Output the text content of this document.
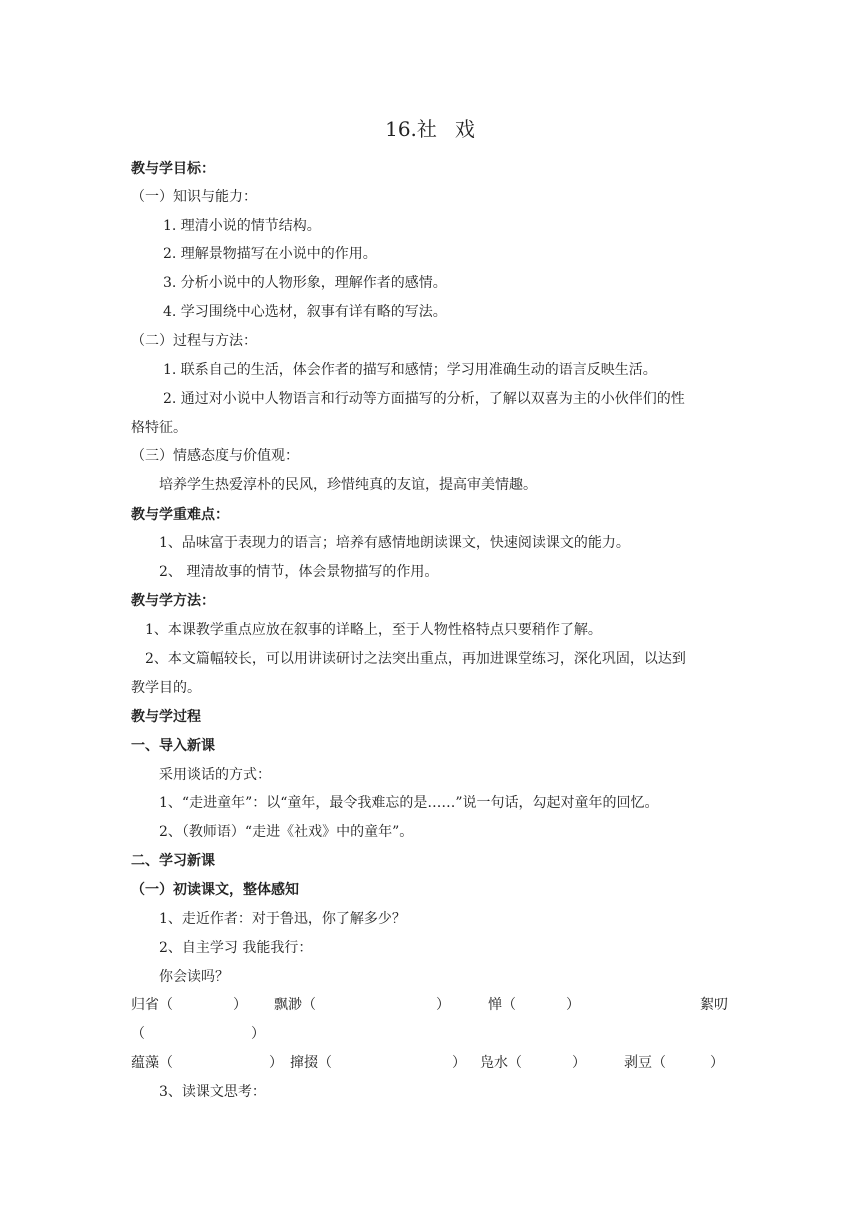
16.社 戏
教与学目标：
（一）知识与能力：
1. 理清小说的情节结构。
2. 理解景物描写在小说中的作用。
3. 分析小说中的人物形象，理解作者的感情。
4. 学习围绕中心选材，叙事有详有略的写法。
（二）过程与方法：
1. 联系自己的生活，体会作者的描写和感情；学习用准确生动的语言反映生活。
2. 通过对小说中人物语言和行动等方面描写的分析，了解以双喜为主的小伙伴们的性
格特征。
（三）情感态度与价值观：
培养学生热爱淳朴的民风，珍惜纯真的友谊，提高审美情趣。
教与学重难点：
1、品味富于表现力的语言；培养有感情地朗读课文，快速阅读课文的能力。
2、 理清故事的情节，体会景物描写的作用。
教与学方法：
1、本课教学重点应放在叙事的详略上，至于人物性格特点只要稍作了解。
2、本文篇幅较长，可以用讲读研讨之法突出重点，再加进课堂练习，深化巩固，以达到
教学目的。
教与学过程
一、导入新课
采用谈话的方式：
1、“走进童年”：以“童年，最令我难忘的是……”说一句话，勾起对童年的回忆。
2、（教师语）“走进《社戏》中的童年”。
二、学习新课
（一）初读课文，整体感知
1、走近作者：对于鲁迅，你了解多少？
2、自主学习 我能我行：
你会读吗？
归省（	） 飘渺（	）	惮（	）	絮叨
（	）
蕴藻（	） 撺掇（	） 凫水（	）	剥豆（	）
3、读课文思考：
